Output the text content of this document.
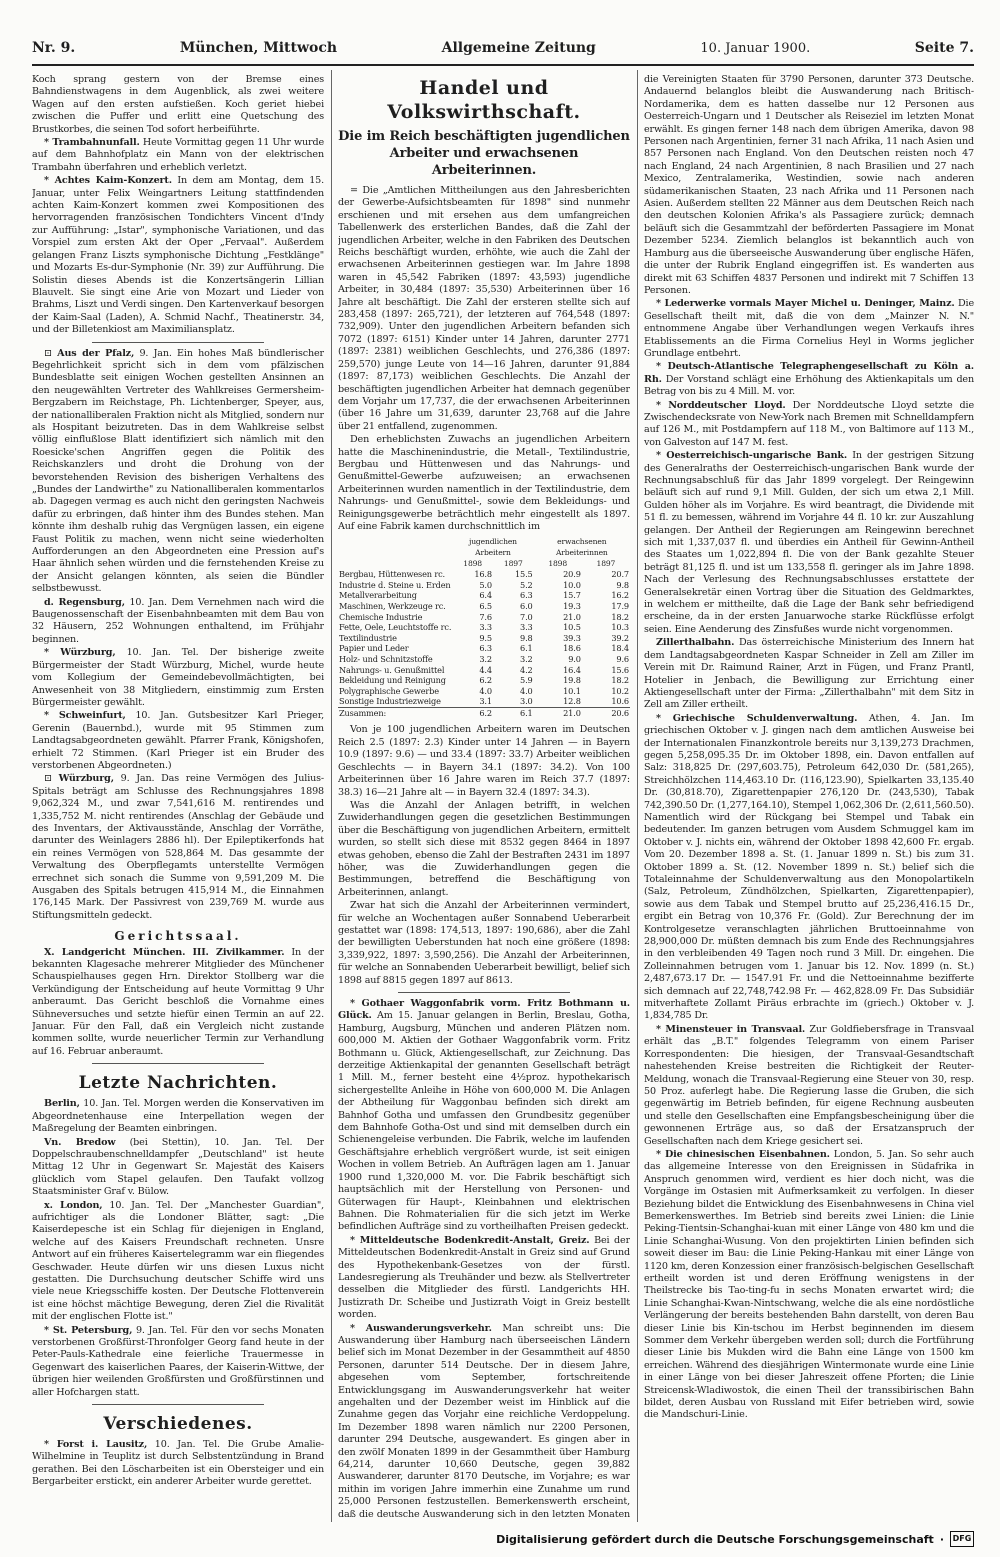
Nr. 9.	München, Mittwoch	Allgemeine Zeitung	10. Januar 1900.	Seite 7.

Koch sprang gestern von der Bremse eines Bahndienstwagens in dem Augenblick, als zwei weitere Wagen auf den ersten aufstießen. Koch geriet hiebei zwischen die Puffer und erlitt eine Quetschung des Brustkorbes, die seinen Tod sofort herbeiführte.

* Trambahnunfall. Heute Vormittag gegen 11 Uhr wurde auf dem Bahnhofplatz ein Mann von der elektrischen Trambahn überfahren und erheblich verletzt.

* Achtes Kaim-Konzert. In dem am Montag, dem 15. Januar, unter Felix Weingartners Leitung stattfindenden achten Kaim-Konzert kommen zwei Kompositionen des hervorragenden französischen Tondichters Vincent d'Indy zur Aufführung: „Istar", symphonische Variationen, und das Vorspiel zum ersten Akt der Oper „Fervaal". Außerdem gelangen Franz Liszts symphonische Dichtung „Festklänge" und Mozarts Es-dur-Symphonie (Nr. 39) zur Aufführung. Die Solistin dieses Abends ist die Konzertsängerin Lillian Blauvelt. Sie singt eine Arie von Mozart und Lieder von Brahms, Liszt und Verdi singen. Den Kartenverkauf besorgen der Kaim-Saal (Laden), A. Schmid Nachf., Theatinerstr. 34, und der Billetenkiost am Maximiliansplatz.

⊡ Aus der Pfalz, 9. Jan. Ein hohes Maß bündlerischer Begehrlichkeit spricht sich in dem vom pfälzischen Bundesblatte seit einigen Wochen gestellten Ansinnen an den neugewählten Vertreter des Wahlkreises Germersheim-Bergzabern im Reichstage, Ph. Lichtenberger, Speyer, aus, der nationalliberalen Fraktion nicht als Mitglied, sondern nur als Hospitant beizutreten. Das in dem Wahlkreise selbst völlig einflußlose Blatt identifiziert sich nämlich mit den Roesicke'schen Angriffen gegen die Politik des Reichskanzlers und droht die Drohung von der bevorstehenden Revision des bisherigen Verhaltens des „Bundes der Landwirthe" zu Nationalliberalen kommentarlos ab. Dagegen vermag es auch nicht den geringsten Nachweis dafür zu erbringen, daß hinter ihm des Bundes stehen. Man könnte ihm deshalb ruhig das Vergnügen lassen, ein eigene Faust Politik zu machen, wenn nicht seine wiederholten Aufforderungen an den Abgeordneten eine Pression auf's Haar ähnlich sehen würden und die fernstehenden Kreise zu der Ansicht gelangen könnten, als seien die Bündler selbstbewusst.

d. Regensburg, 10. Jan. Dem Vernehmen nach wird die Baugenossenschaft der Eisenbahnbeamten mit dem Bau von 32 Häusern, 252 Wohnungen enthaltend, im Frühjahr beginnen.

* Würzburg, 10. Jan. Tel. Der bisherige zweite Bürgermeister der Stadt Würzburg, Michel, wurde heute vom Kollegium der Gemeindebevollmächtigten, bei Anwesenheit von 38 Mitgliedern, einstimmig zum Ersten Bürgermeister gewählt.

* Schweinfurt, 10. Jan. Gutsbesitzer Karl Prieger, Gerenin (Bauernbd.), wurde mit 95 Stimmen zum Landtagsabgeordneten gewählt. Pfarrer Frank, Königshofen, erhielt 72 Stimmen. (Karl Prieger ist ein Bruder des verstorbenen Abgeordneten.)

⊡ Würzburg, 9. Jan. Das reine Vermögen des Julius-Spitals beträgt am Schlusse des Rechnungsjahres 1898 9,062,324 M., und zwar 7,541,616 M. rentirendes und 1,335,752 M. nicht rentirendes (Anschlag der Gebäude und des Inventars, der Aktivausstände, Anschlag der Vorräthe, darunter des Weinlagers 2886 hl). Der Epileptikerfonds hat ein reines Vermögen von 528,864 M. Das gesammte der Verwaltung des Oberpflegamts unterstellte Vermögen errechnet sich sonach die Summe von 9,591,209 M. Die Ausgaben des Spitals betrugen 415,914 M., die Einnahmen 176,145 Mark. Der Passivrest von 239,769 M. wurde aus Stiftungsmitteln gedeckt.

Gerichtssaal.

X. Landgericht München. III. Zivilkammer. In der bekannten Klagesache mehrerer Mitglieder des Münchener Schauspielhauses gegen Hrn. Direktor Stollberg war die Verkündigung der Entscheidung auf heute Vormittag 9 Uhr anberaumt. Das Gericht beschloß die Vornahme eines Sühneversuches und setzte hiefür einen Termin an auf 22. Januar. Für den Fall, daß ein Vergleich nicht zustande kommen sollte, wurde neuerlicher Termin zur Verhandlung auf 16. Februar anberaumt.

Letzte Nachrichten.

Berlin, 10. Jan. Tel. Morgen werden die Konservativen im Abgeordnetenhause eine Interpellation wegen der Maßregelung der Beamten einbringen.

Vn. Bredow (bei Stettin), 10. Jan. Tel. Der Doppelschraubenschnelldampfer „Deutschland" ist heute Mittag 12 Uhr in Gegenwart Sr. Majestät des Kaisers glücklich vom Stapel gelaufen. Den Taufakt vollzog Staatsminister Graf v. Bülow.

x. London, 10. Jan. Tel. Der „Manchester Guardian", aufrichtiger als die Londoner Blätter, sagt: „Die Kaiserdepesche ist ein Schlag für diejenigen in England, welche auf des Kaisers Freundschaft rechneten. Unsre Antwort auf ein früheres Kaisertelegramm war ein fliegendes Geschwader. Heute dürfen wir uns diesen Luxus nicht gestatten. Die Durchsuchung deutscher Schiffe wird uns viele neue Kriegsschiffe kosten. Der Deutsche Flottenverein ist eine höchst mächtige Bewegung, deren Ziel die Rivalität mit der englischen Flotte ist."

* St. Petersburg, 9. Jan. Tel. Für den vor sechs Monaten verstorbenen Großfürst-Thronfolger Georg fand heute in der Peter-Pauls-Kathedrale eine feierliche Trauermesse in Gegenwart des kaiserlichen Paares, der Kaiserin-Wittwe, der übrigen hier weilenden Großfürsten und Großfürstinnen und aller Hofchargen statt.

Verschiedenes.

* Forst i. Lausitz, 10. Jan. Tel. Die Grube Amalie-Wilhelmine in Teuplitz ist durch Selbstentzündung in Brand gerathen. Bei den Löscharbeiten ist ein Obersteiger und ein Bergarbeiter erstickt, ein anderer Arbeiter wurde gerettet.

Handel und Volkswirthschaft.
Die im Reich beschäftigten jugendlichen Arbeiter und erwachsenen Arbeiterinnen.

= Die „Amtlichen Mittheilungen aus den Jahresberichten der Gewerbe-Aufsichtsbeamten für 1898" sind nunmehr erschienen und mit ersehen aus dem umfangreichen Tabellenwerk des ersterlichen Bandes, daß die Zahl der jugendlichen Arbeiter, welche in den Fabriken des Deutschen Reichs beschäftigt wurden, erhöhte, wie auch die Zahl der erwachsenen Arbeiterinnen gestiegen war. Im Jahre 1898 waren in 45,542 Fabriken (1897: 43,593) jugendliche Arbeiter, in 30,484 (1897: 35,530) Arbeiterinnen über 16 Jahre alt beschäftigt. Die Zahl der ersteren stellte sich auf 283,458 (1897: 265,721), der letzteren auf 764,548 (1897: 732,909). Unter den jugendlichen Arbeitern befanden sich 7072 (1897: 6151) Kinder unter 14 Jahren, darunter 2771 (1897: 2381) weiblichen Geschlechts, und 276,386 (1897: 259,570) junge Leute von 14—16 Jahren, darunter 91,884 (1897: 87,173) weiblichen Geschlechts. Die Anzahl der beschäftigten jugendlichen Arbeiter hat demnach gegenüber dem Vorjahr um 17,737, die der erwachsenen Arbeiterinnen (über 16 Jahre um 31,639, darunter 23,768 auf die Jahre über 21 entfallend, zugenommen.

Den erheblichsten Zuwachs an jugendlichen Arbeitern hatte die Maschinenindustrie, die Metall-, Textilindustrie, Bergbau und Hüttenwesen und das Nahrungs- und Genußmittel-Gewerbe aufzuweisen; an erwachsenen Arbeiterinnen wurden namentlich in der Textilindustrie, dem Nahrungs- und Genußmittel-, sowie dem Bekleidungs- und Reinigungsgewerbe beträchtlich mehr eingestellt als 1897. Auf eine Fabrik kamen durchschnittlich im

	jugendlichen Arbeitern		erwachsenen Arbeiterinnen	
	1898	1897	1898	1897
Bergbau, Hüttenwesen rc.	16.8	15.5	20.9	20.7
Industrie d. Steine u. Erden	5.0	5.2	10.0	9.8
Metallverarbeitung	6.4	6.3	15.7	16.2
Maschinen, Werkzeuge rc.	6.5	6.0	19.3	17.9
Chemische Industrie	7.6	7.0	21.0	18.2
Fette, Oele, Leuchtstoffe rc.	3.3	3.3	10.5	10.3
Textilindustrie	9.5	9.8	39.3	39.2
Papier und Leder	6.3	6.1	18.6	18.4
Holz- und Schnitzstoffe	3.2	3.2	9.0	9.6
Nahrungs- u. Genußmittel	4.4	4.2	16.4	15.6
Bekleidung und Reinigung	6.2	5.9	19.8	18.2
Polygraphische Gewerbe	4.0	4.0	10.1	10.2
Sonstige Industriezweige	3.1	3.0	12.8	10.6
Zusammen:	6.2	6.1	21.0	20.6

Von je 100 jugendlichen Arbeitern waren im Deutschen Reich 2.5 (1897: 2.3) Kinder unter 14 Jahren — in Bayern 10.9 (1897: 9.6) — und 33.4 (1897: 33.7) Arbeiter weiblichen Geschlechts — in Bayern 34.1 (1897: 34.2). Von 100 Arbeiterinnen über 16 Jahre waren im Reich 37.7 (1897: 38.3) 16—21 Jahre alt — in Bayern 32.4 (1897: 34.3).

Was die Anzahl der Anlagen betrifft, in welchen Zuwiderhandlungen gegen die gesetzlichen Bestimmungen über die Beschäftigung von jugendlichen Arbeitern, ermittelt wurden, so stellt sich diese mit 8532 gegen 8464 in 1897 etwas gehoben, ebenso die Zahl der Bestraften 2431 im 1897 höher, was die Zuwiderhandlungen gegen die Bestimmungen, betreffend die Beschäftigung von Arbeiterinnen, anlangt.

Zwar hat sich die Anzahl der Arbeiterinnen vermindert, für welche an Wochentagen außer Sonnabend Ueberarbeit gestattet war (1898: 174,513, 1897: 190,686), aber die Zahl der bewilligten Ueberstunden hat noch eine größere (1898: 3,339,922, 1897: 3,590,256). Die Anzahl der Arbeiterinnen, für welche an Sonnabenden Ueberarbeit bewilligt, belief sich 1898 auf 8815 gegen 1897 auf 8613.

* Gothaer Waggonfabrik vorm. Fritz Bothmann u. Glück. Am 15. Januar gelangen in Berlin, Breslau, Gotha, Hamburg, Augsburg, München und anderen Plätzen nom. 600,000 M. Aktien der Gothaer Waggonfabrik vorm. Fritz Bothmann u. Glück, Aktiengesellschaft, zur Zeichnung. Das derzeitige Aktienkapital der genannten Gesellschaft beträgt 1 Mill. M., ferner besteht eine 4½proz. hypothekarisch sichergestellte Anleihe in Höhe von 600,000 M. Die Anlagen der Abtheilung für Waggonbau befinden sich direkt am Bahnhof Gotha und umfassen den Grundbesitz gegenüber dem Bahnhofe Gotha-Ost und sind mit demselben durch ein Schienengeleise verbunden. Die Fabrik, welche im laufenden Geschäftsjahre erheblich vergrößert wurde, ist seit einigen Wochen in vollem Betrieb. An Aufträgen lagen am 1. Januar 1900 rund 1,320,000 M. vor. Die Fabrik beschäftigt sich hauptsächlich mit der Herstellung von Personen- und Güterwagen für Haupt-, Kleinbahnen und elektrischen Bahnen. Die Rohmaterialien für die sich jetzt im Werke befindlichen Aufträge sind zu vortheilhaften Preisen gedeckt.

* Mitteldeutsche Bodenkredit-Anstalt, Greiz. Bei der Mitteldeutschen Bodenkredit-Anstalt in Greiz sind auf Grund des Hypothekenbank-Gesetzes von der fürstl. Landesregierung als Treuhänder und bezw. als Stellvertreter desselben die Mitglieder des fürstl. Landgerichts HH. Justizrath Dr. Scheibe und Justizrath Voigt in Greiz bestellt worden.

* Auswanderungsverkehr. Man schreibt uns: Die Auswanderung über Hamburg nach überseeischen Ländern belief sich im Monat Dezember in der Gesammtheit auf 4850 Personen, darunter 514 Deutsche. Der in diesem Jahre, abgesehen vom September, fortschreitende Entwicklungsgang im Auswanderungsverkehr hat weiter angehalten und der Dezember weist im Hinblick auf die Zunahme gegen das Vorjahr eine reichliche Verdoppelung. Im Dezember 1898 waren nämlich nur 2200 Personen, darunter 294 Deutsche, ausgewandert. Es gingen aber in den zwölf Monaten 1899 in der Gesammtheit über Hamburg 64,214, darunter 10,660 Deutsche, gegen 39,882 Auswanderer, darunter 8170 Deutsche, im Vorjahre; es war mithin im vorigen Jahre immerhin eine Zunahme um rund 25,000 Personen festzustellen. Bemerkenswerth erscheint, daß die deutsche Auswanderung sich in den letzten Monaten

die Vereinigten Staaten für 3790 Personen, darunter 373 Deutsche. Andauernd belanglos bleibt die Auswanderung nach Britisch-Nordamerika, dem es hatten dasselbe nur 12 Personen aus Oesterreich-Ungarn und 1 Deutscher als Reiseziel im letzten Monat erwählt. Es gingen ferner 148 nach dem übrigen Amerika, davon 98 Personen nach Argentinien, ferner 31 nach Afrika, 11 nach Asien und 857 Personen nach England. Von den Deutschen reisten noch 47 nach England, 24 nach Argentinien, 8 nach Brasilien und 27 nach Mexico, Zentralamerika, Westindien, sowie nach anderen südamerikanischen Staaten, 23 nach Afrika und 11 Personen nach Asien. Außerdem stellten 22 Männer aus dem Deutschen Reich nach den deutschen Kolonien Afrika's als Passagiere zurück; demnach beläuft sich die Gesammtzahl der beförderten Passagiere im Monat Dezember 5234. Ziemlich belanglos ist bekanntlich auch von Hamburg aus die überseeische Auswanderung über englische Häfen, die unter der Rubrik England eingegriffen ist. Es wanderten aus direkt mit 63 Schiffen 4837 Personen und indirekt mit 7 Schiffen 13 Personen.

* Lederwerke vormals Mayer Michel u. Deninger, Mainz. Die Gesellschaft theilt mit, daß die von dem „Mainzer N. N." entnommene Angabe über Verhandlungen wegen Verkaufs ihres Etablissements an die Firma Cornelius Heyl in Worms jeglicher Grundlage entbehrt.

* Deutsch-Atlantische Telegraphengesellschaft zu Köln a. Rh. Der Vorstand schlägt eine Erhöhung des Aktienkapitals um den Betrag von bis zu 4 Mill. M. vor.

* Norddeutscher Lloyd. Der Norddeutsche Lloyd setzte die Zwischendecksrate von New-York nach Bremen mit Schnelldampfern auf 126 M., mit Postdampfern auf 118 M., von Baltimore auf 113 M., von Galveston auf 147 M. fest.

* Oesterreichisch-ungarische Bank. In der gestrigen Sitzung des Generalraths der Oesterreichisch-ungarischen Bank wurde der Rechnungsabschluß für das Jahr 1899 vorgelegt. Der Reingewinn beläuft sich auf rund 9,1 Mill. Gulden, der sich um etwa 2,1 Mill. Gulden höher als im Vorjahre. Es wird beantragt, die Dividende mit 51 fl. zu bemessen, während im Vorjahre 44 fl. 10 kr. zur Auszahlung gelangen. Der Antheil der Regierungen am Reingewinn berechnet sich mit 1,337,037 fl. und überdies ein Antheil für Gewinn-Antheil des Staates um 1,022,894 fl. Die von der Bank gezahlte Steuer beträgt 81,125 fl. und ist um 133,558 fl. geringer als im Jahre 1898. Nach der Verlesung des Rechnungsabschlusses erstattete der Generalsekretär einen Vortrag über die Situation des Geldmarktes, in welchem er mittheilte, daß die Lage der Bank sehr befriedigend erscheine, da in der ersten Januarwoche starke Rückflüsse erfolgt seien. Eine Aenderung des Zinsfußes wurde nicht vorgenommen.

Zillerthalbahn. Das österreichische Ministerium des Innern hat dem Landtagsabgeordneten Kaspar Schneider in Zell am Ziller im Verein mit Dr. Raimund Rainer, Arzt in Fügen, und Franz Prantl, Hotelier in Jenbach, die Bewilligung zur Errichtung einer Aktiengesellschaft unter der Firma: „Zillerthalbahn" mit dem Sitz in Zell am Ziller ertheilt.

* Griechische Schuldenverwaltung. Athen, 4. Jan. Im griechischen Oktober v. J. gingen nach dem amtlichen Ausweise bei der Internationalen Finanzkontrole bereits nur 3,139,273 Drachmen, gegen 5,258,095.35 Dr. im Oktober 1898, ein. Davon entfallen auf Salz: 318,825 Dr. (297,603.75), Petroleum 642,030 Dr. (581,265), Streichhölzchen 114,463.10 Dr. (116,123.90), Spielkarten 33,135.40 Dr. (30,818.70), Zigarettenpapier 276,120 Dr. (243,530), Tabak 742,390.50 Dr. (1,277,164.10), Stempel 1,062,306 Dr. (2,611,560.50). Namentlich wird der Rückgang bei Stempel und Tabak ein bedeutender. Im ganzen betrugen vom Ausdem Schmuggel kam im Oktober v. J. nichts ein, während der Oktober 1898 42,600 Fr. ergab. Vom 20. Dezember 1898 a. St. (1. Januar 1899 n. St.) bis zum 31. Oktober 1899 a. St. (12. November 1899 n. St.) belief sich die Totaleinnahme der Schuldenverwaltung aus den Monopolartikeln (Salz, Petroleum, Zündhölzchen, Spielkarten, Zigarettenpapier), sowie aus dem Tabak und Stempel brutto auf 25,236,416.15 Dr., ergibt ein Betrag von 10,376 Fr. (Gold). Zur Berechnung der im Kontrolgesetze veranschlagten jährlichen Bruttoeinnahme von 28,900,000 Dr. müßten demnach bis zum Ende des Rechnungsjahres in den verbleibenden 49 Tagen noch rund 3 Mill. Dr. eingehen. Die Zolleinnahmen betrugen vom 1. Januar bis 12. Nov. 1899 (n. St.) 2,487,673.17 Dr. — 1547.91 Fr. und die Nettoeinnahme bezifferte sich demnach auf 22,748,742.98 Fr. — 462,828.09 Fr. Das Subsidiär mitverhaftete Zollamt Piräus erbrachte im (griech.) Oktober v. J. 1,834,785 Dr.

* Minensteuer in Transvaal. Zur Goldfiebersfrage in Transvaal erhält das „B.T." folgendes Telegramm von einem Pariser Korrespondenten: Die hiesigen, der Transvaal-Gesandtschaft nahestehenden Kreise bestreiten die Richtigkeit der Reuter-Meldung, wonach die Transvaal-Regierung eine Steuer von 30, resp. 50 Proz. auferlegt habe. Die Regierung lasse die Gruben, die sich gegenwärtig im Betrieb befinden, für eigene Rechnung ausbeuten und stelle den Gesellschaften eine Empfangsbescheinigung über die gewonnenen Erträge aus, so daß der Ersatzanspruch der Gesellschaften nach dem Kriege gesichert sei.

* Die chinesischen Eisenbahnen. London, 5. Jan. So sehr auch das allgemeine Interesse von den Ereignissen in Südafrika in Anspruch genommen wird, verdient es hier doch nicht, was die Vorgänge im Ostasien mit Aufmerksamkeit zu verfolgen. In dieser Beziehung bildet die Entwicklung des Eisenbahnwesens in China viel Bemerkenswerthes. Im Betrieb sind bereits zwei Linien: die Linie Peking-Tientsin-Schanghai-kuan mit einer Länge von 480 km und die Linie Schanghai-Wusung. Von den projektirten Linien befinden sich soweit dieser im Bau: die Linie Peking-Hankau mit einer Länge von 1120 km, deren Konzession einer französisch-belgischen Gesellschaft ertheilt worden ist und deren Eröffnung wenigstens in der Theilstrecke bis Tao-ting-fu in sechs Monaten erwartet wird; die Linie Schanghai-Kwan-Nintschwang, welche die als eine nordöstliche Verlängerung der bereits bestehenden Bahn darstellt, von deren Bau dieser Linie bis Kin-tschou im Herbst beginnenden im diesem Sommer dem Verkehr übergeben werden soll; durch die Fortführung dieser Linie bis Mukden wird die Bahn eine Länge von 1500 km erreichen. Während des diesjährigen Wintermonate wurde eine Linie in einer Länge von bei dieser Jahreszeit offene Pforten; die Linie Streicensk-Wladiwostok, die einen Theil der transsibirischen Bahn bildet, deren Ausbau von Russland mit Eifer betrieben wird, sowie die Mandschuri-Linie.

Digitalisierung gefördert durch die Deutsche Forschungsgemeinschaft ·	DFG
